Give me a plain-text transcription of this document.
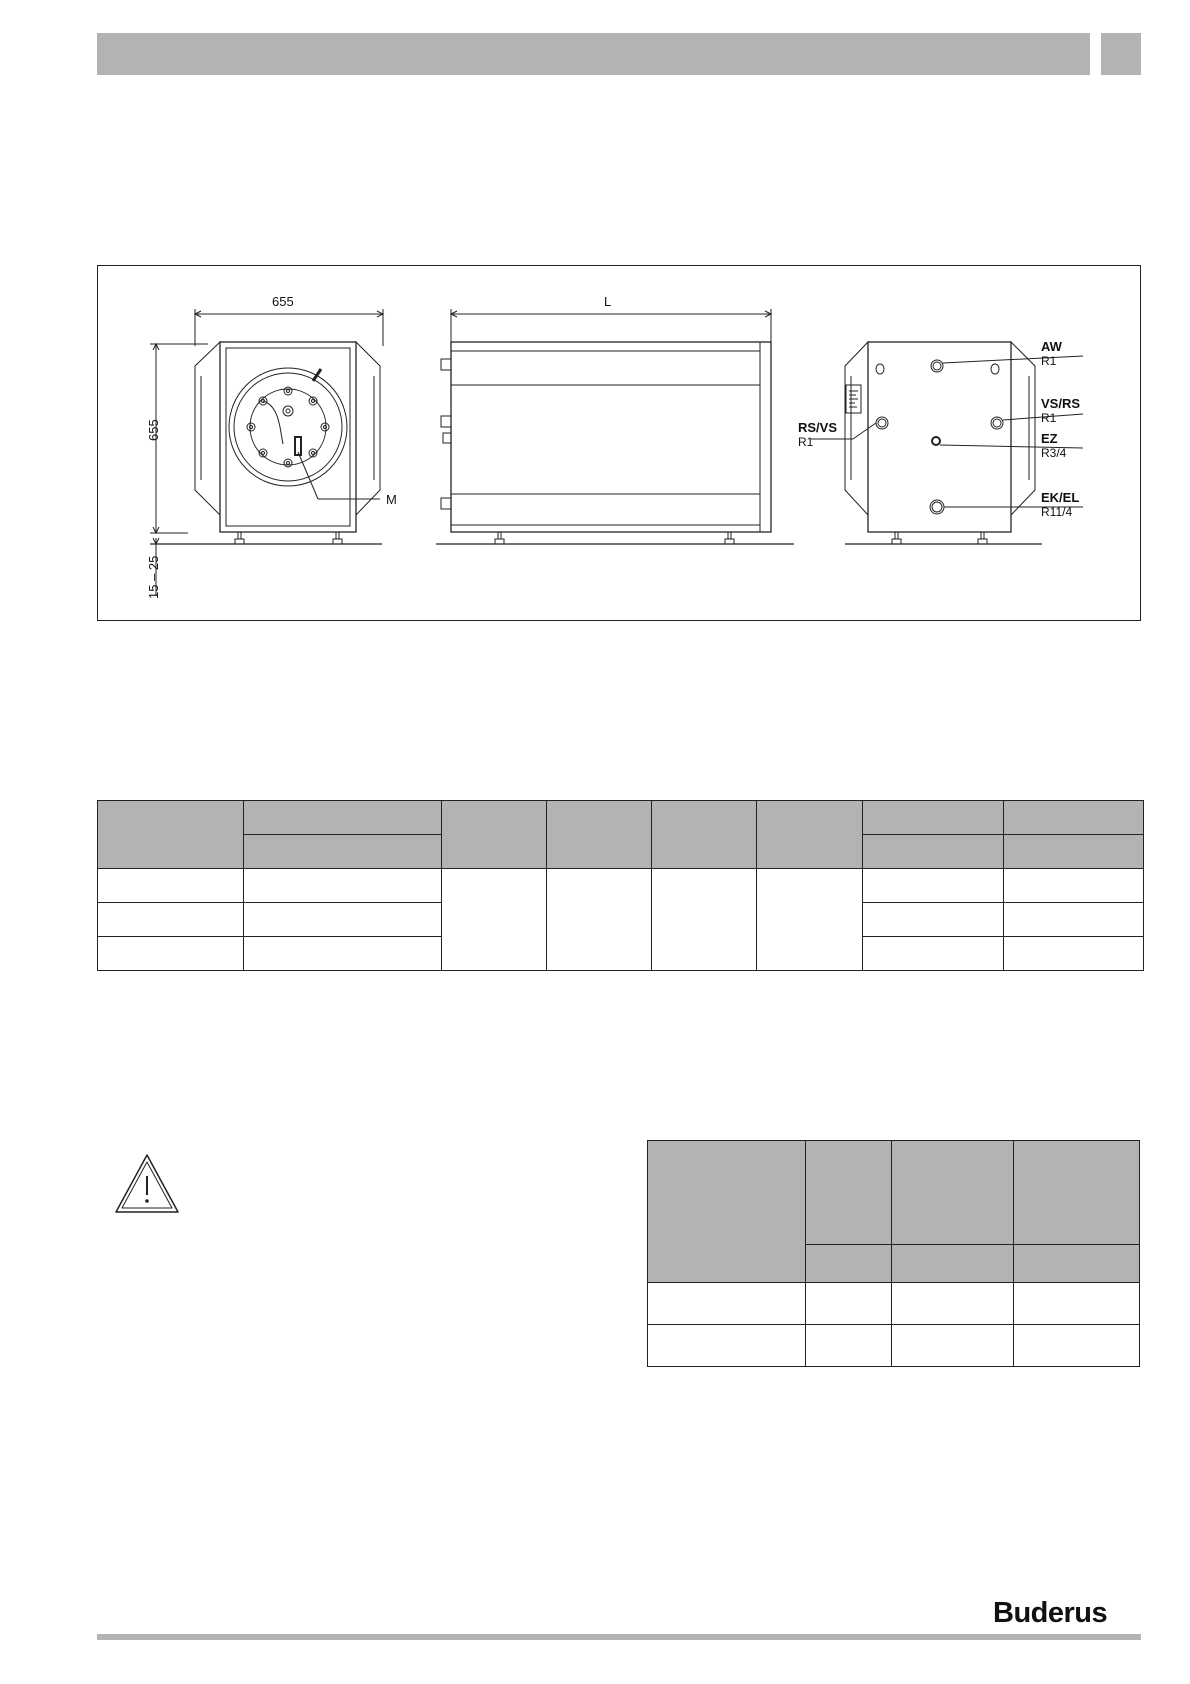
655
655
L
15 – 25
M
AW
R1
VS/RS
R1
EZ
R3/4
EK/EL
R11/4
RS/VS
R1

Buderus
